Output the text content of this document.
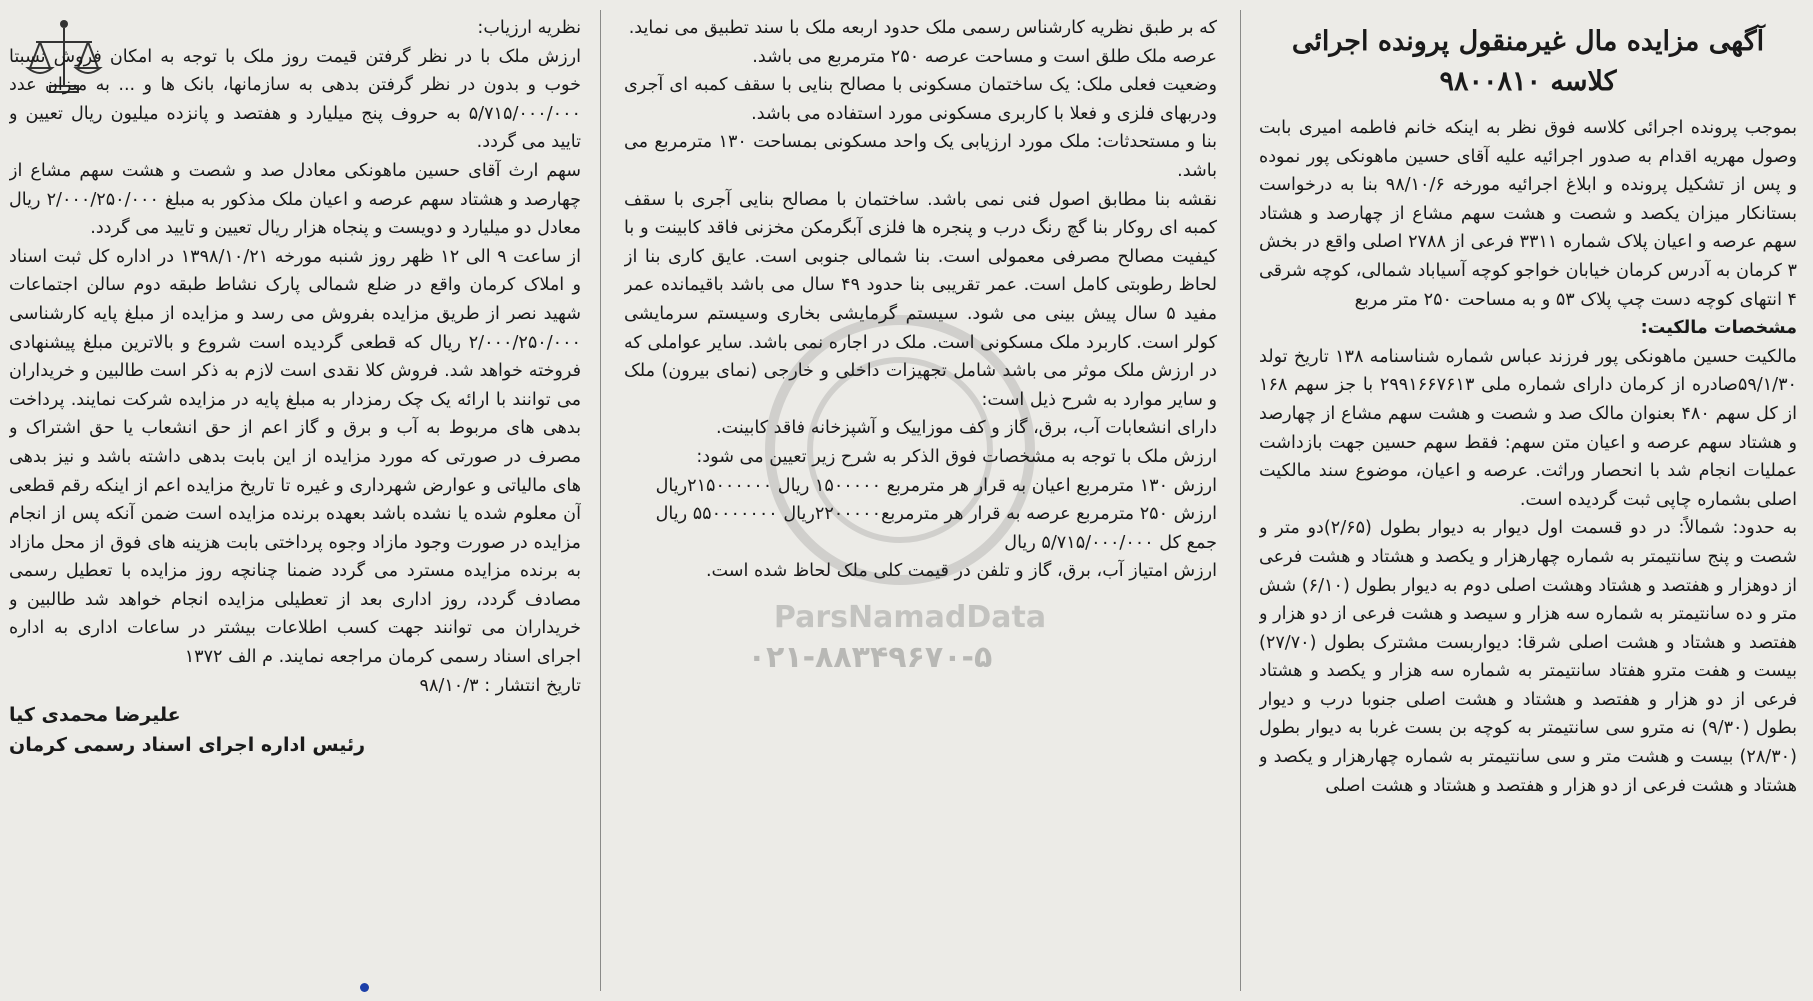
ParsNamadData
۰۲۱-۸۸۳۴۹۶۷۰-۵

آگهی مزایده مال غیرمنقول پرونده اجرائی کلاسه ۹۸۰۰۸۱۰

بموجب پرونده اجرائی کلاسه فوق نظر به اینکه خانم فاطمه امیری بابت وصول مهریه اقدام به صدور اجرائیه علیه آقای حسین ماهونکی پور نموده و پس از تشکیل پرونده و ابلاغ اجرائیه مورخه ۹۸/۱۰/۶ بنا به درخواست بستانکار میزان یکصد و شصت و هشت سهم مشاع از چهارصد و هشتاد سهم عرصه و اعیان پلاک شماره ۳۳۱۱ فرعی از ۲۷۸۸ اصلی واقع در بخش ۳ کرمان به آدرس کرمان خیابان خواجو کوچه آسیاباد شمالی، کوچه شرقی ۴ انتهای کوچه دست چپ پلاک ۵۳ و به مساحت ۲۵۰ متر مربع

مشخصات مالکیت:

مالکیت حسین ماهونکی پور فرزند عباس شماره شناسنامه ۱۳۸ تاریخ تولد ۵۹/۱/۳۰صادره از کرمان دارای شماره ملی ۲۹۹۱۶۶۷۶۱۳ با جز سهم ۱۶۸ از کل سهم ۴۸۰ بعنوان مالک صد و شصت و هشت سهم مشاع از چهارصد و هشتاد سهم عرصه و اعیان متن سهم: فقط سهم حسین جهت بازداشت عملیات انجام شد با انحصار وراثت. عرصه و اعیان، موضوع سند مالکیت اصلی بشماره چاپی ثبت گردیده است.

به حدود: شمالاً: در دو قسمت اول دیوار به دیوار بطول (۲/۶۵)دو متر و شصت و پنج سانتیمتر به شماره چهارهزار و یکصد و هشتاد و هشت فرعی از دوهزار و هفتصد و هشتاد وهشت اصلی دوم به دیوار بطول (۶/۱۰) شش متر و ده سانتیمتر به شماره سه هزار و سیصد و هشت فرعی از دو هزار و هفتصد و هشتاد و هشت اصلی شرقا: دیواربست مشترک بطول (۲۷/۷۰) بیست و هفت مترو هفتاد سانتیمتر به شماره سه هزار و یکصد و هشتاد فرعی از دو هزار و هفتصد و هشتاد و هشت اصلی جنوبا درب و دیوار بطول (۹/۳۰) نه مترو سی سانتیمتر به کوچه بن بست غربا به دیوار بطول (۲۸/۳۰) بیست و هشت متر و سی سانتیمتر به شماره چهارهزار و یکصد و هشتاد و هشت فرعی از دو هزار و هفتصد و هشتاد و هشت اصلی

که بر طبق نظریه کارشناس رسمی ملک حدود اربعه ملک با سند تطبیق می نماید.

عرصه ملک طلق است و مساحت عرصه ۲۵۰ مترمربع می باشد.

وضعیت فعلی ملک: یک ساختمان مسکونی با مصالح بنایی با سقف کمبه ای آجری ودربهای فلزی و فعلا با کاربری مسکونی مورد استفاده می باشد.

بنا و مستحدثات: ملک مورد ارزیابی یک واحد مسکونی بمساحت ۱۳۰ مترمربع می باشد.

نقشه بنا مطابق اصول فنی نمی باشد. ساختمان با مصالح بنایی آجری با سقف کمبه ای روکار بنا گچ رنگ درب و پنجره ها فلزی آبگرمکن مخزنی فاقد کابینت و با کیفیت مصالح مصرفی معمولی است. بنا شمالی جنوبی است. عایق کاری بنا از لحاظ رطوبتی کامل است. عمر تقریبی بنا حدود ۴۹ سال می باشد باقیمانده عمر مفید ۵ سال پیش بینی می شود. سیستم گرمایشی بخاری وسیستم سرمایشی کولر است. کاربرد ملک مسکونی است. ملک در اجاره نمی باشد. سایر عواملی که در ارزش ملک موثر می باشد شامل تجهیزات داخلی و خارجی (نمای بیرون) ملک و سایر موارد به شرح ذیل است:

دارای انشعابات آب، برق، گاز و کف موزاییک و آشپزخانه فاقد کابینت.

ارزش ملک با توجه به مشخصات فوق الذکر به شرح زیر تعیین می شود:

ارزش ۱۳۰ مترمربع اعیان به قرار هر مترمربع ۱۵۰۰۰۰۰ ریال ۲۱۵۰۰۰۰۰۰ریال

ارزش ۲۵۰ مترمربع عرصه به قرار هر مترمربع۲۲۰۰۰۰۰ریال ۵۵۰۰۰۰۰۰۰ ریال

جمع کل ۵/۷۱۵/۰۰۰/۰۰۰ ریال

ارزش امتیاز آب، برق، گاز و تلفن در قیمت کلی ملک لحاظ شده است.

نظریه ارزیاب:

ارزش ملک با در نظر گرفتن قیمت روز ملک با توجه به امکان فروش نسبتا خوب و بدون در نظر گرفتن بدهی به سازمانها، بانک ها و ... به میزان عدد ۵/۷۱۵/۰۰۰/۰۰۰ به حروف پنج میلیارد و هفتصد و پانزده میلیون ریال تعیین و تایید می گردد.

سهم ارث آقای حسین ماهونکی معادل صد و شصت و هشت سهم مشاع از چهارصد و هشتاد سهم عرصه و اعیان ملک مذکور به مبلغ ۲/۰۰۰/۲۵۰/۰۰۰ ریال معادل دو میلیارد و دویست و پنجاه هزار ریال تعیین و تایید می گردد.

از ساعت ۹ الی ۱۲ ظهر روز شنبه مورخه ۱۳۹۸/۱۰/۲۱ در اداره کل ثبت اسناد و املاک کرمان واقع در ضلع شمالی پارک نشاط طبقه دوم سالن اجتماعات شهید نصر از طریق مزایده بفروش می رسد و مزایده از مبلغ پایه کارشناسی ۲/۰۰۰/۲۵۰/۰۰۰ ریال که قطعی گردیده است شروع و بالاترین مبلغ پیشنهادی فروخته خواهد شد. فروش کلا نقدی است لازم به ذکر است طالبین و خریداران می توانند با ارائه یک چک رمزدار به مبلغ پایه در مزایده شرکت نمایند. پرداخت بدهی های مربوط به آب و برق و گاز اعم از حق انشعاب یا حق اشتراک و مصرف در صورتی که مورد مزایده از این بابت بدهی داشته باشد و نیز بدهی های مالیاتی و عوارض شهرداری و غیره تا تاریخ مزایده اعم از اینکه رقم قطعی آن معلوم شده یا نشده باشد بعهده برنده مزایده است ضمن آنکه پس از انجام مزایده در صورت وجود مازاد وجوه پرداختی بابت هزینه های فوق از محل مازاد به برنده مزایده مسترد می گردد ضمنا چنانچه روز مزایده با تعطیل رسمی مصادف گردد، روز اداری بعد از تعطیلی مزایده انجام خواهد شد طالبین و خریداران می توانند جهت کسب اطلاعات بیشتر در ساعات اداری به اداره اجرای اسناد رسمی کرمان مراجعه نمایند. م الف ۱۳۷۲

تاریخ انتشار : ۹۸/۱۰/۳

علیرضا محمدی کیا

رئیس اداره اجرای اسناد رسمی کرمان
